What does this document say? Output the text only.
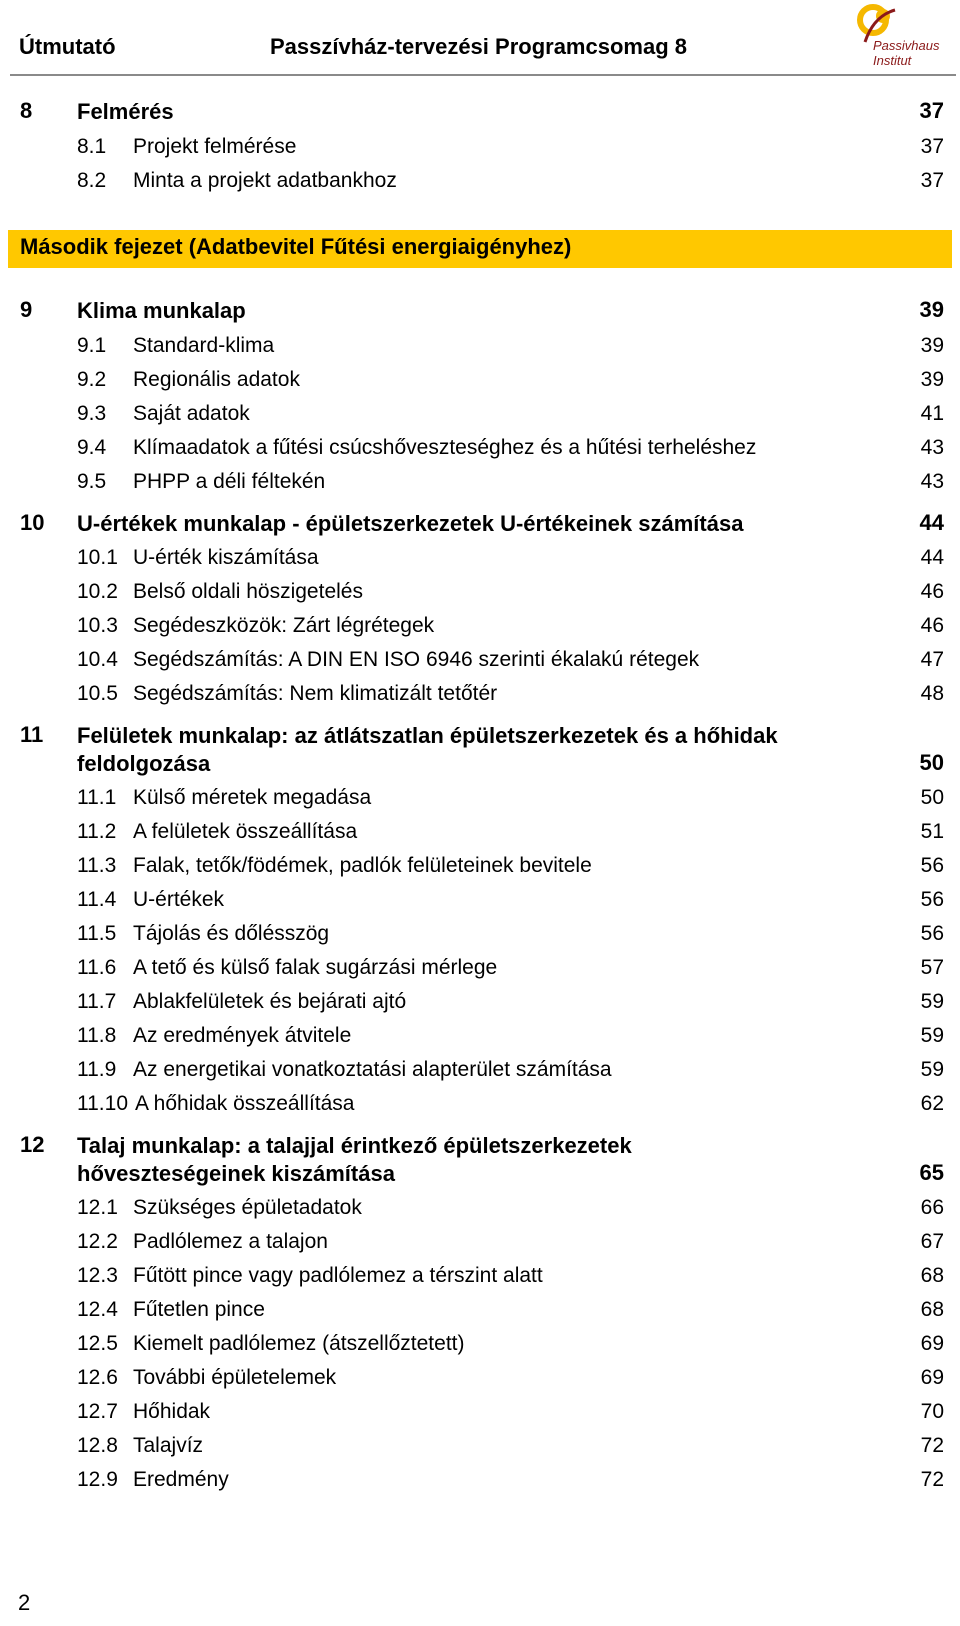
Útmutató	Passzívház-tervezési Programcsomag 8	Passivhaus
Institut
8 Felmérés	37
8.1 Projekt felmérése	37
8.2 Minta a projekt adatbankhoz	37
Második fejezet (Adatbevitel Fűtési energiaigényhez)
9 Klima munkalap	39
9.1 Standard-klima	39
9.2 Regionális adatok	39
9.3 Saját adatok	41
9.4 Klímaadatok a fűtési csúcshőveszteséghez és a hűtési terheléshez	43
9.5 PHPP a déli féltekén	43
10 U-értékek munkalap - épületszerkezetek U-értékeinek számítása	44
10.1 U-érték kiszámítása	44
10.2 Belső oldali höszigetelés	46
10.3 Segédeszközök: Zárt légrétegek	46
10.4 Segédszámítás: A DIN EN ISO 6946 szerinti ékalakú rétegek	47
10.5 Segédszámítás: Nem klimatizált tetőtér	48
11 Felületek munkalap: az átlátszatlan épületszerkezetek és a hőhidak
feldolgozása	50
11.1 Külső méretek megadása	50
11.2 A felületek összeállítása	51
11.3 Falak, tetők/födémek, padlók felületeinek bevitele	56
11.4 U-értékek	56
11.5 Tájolás és dőlésszög	56
11.6 A tető és külső falak sugárzási mérlege	57
11.7 Ablakfelületek és bejárati ajtó	59
11.8 Az eredmények átvitele	59
11.9 Az energetikai vonatkoztatási alapterület számítása	59
11.10 A hőhidak összeállítása	62
12 Talaj munkalap: a talajjal érintkező épületszerkezetek
hőveszteségeinek kiszámítása	65
12.1 Szükséges épületadatok	66
12.2 Padlólemez a talajon	67
12.3 Fűtött pince vagy padlólemez a térszint alatt	68
12.4 Fűtetlen pince	68
12.5 Kiemelt padlólemez (átszellőztetett)	69
12.6 További épületelemek	69
12.7 Hőhidak	70
12.8 Talajvíz	72
12.9 Eredmény	72
2
